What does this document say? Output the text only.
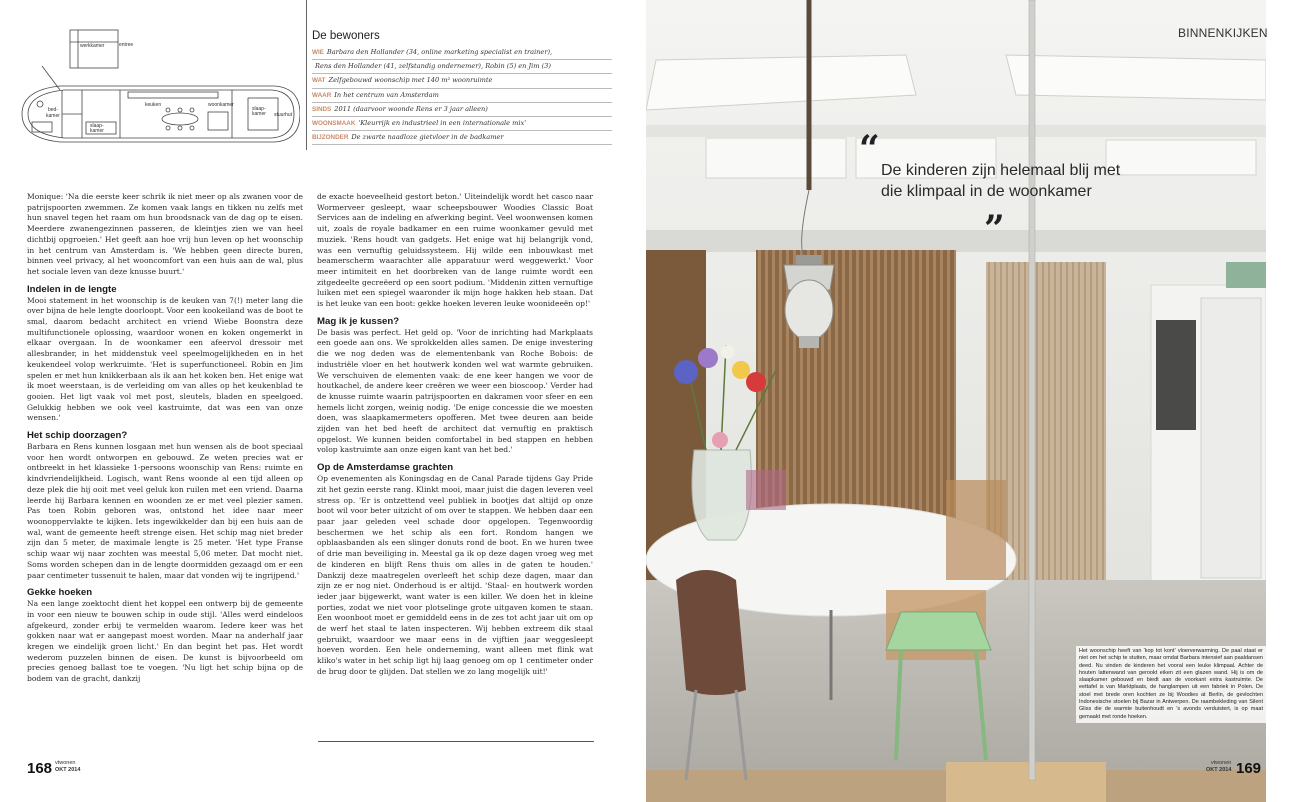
werkkamer	entree
bed-
kamer
keuken	woonkamer
slaap-
kamer
slaap-
kamer stuurhut
De bewoners
WIE Barbara den Hollander (34, online marketing specialist en trainer),
Rens den Hollander (41, zelfstandig ondernemer), Robin (5) en Jim (3)
WAT Zelfgebouwd woonschip met 140 m² woonruimte
WAAR In het centrum van Amsterdam
SINDS 2011 (daarvoor woonde Rens er 3 jaar alleen)
WOONSMAAK 'Kleurrijk en industrieel in een internationale mix'
BIJZONDER De zwarte naadloze gietvloer in de badkamer

Monique: 'Na die eerste keer schrik ik niet meer op als zwanen voor de patrijspoorten zwemmen. Ze komen vaak langs en tikken nu zelfs met hun snavel tegen het raam om hun broodsnack van de dag op te eisen. Meerdere zwanengezinnen passeren, de kleintjes zien we van heel dichtbij opgroeien.' Het geeft aan hoe vrij hun leven op het woonschip in het centrum van Amsterdam is. 'We hebben geen directe buren, binnen veel privacy, al het wooncomfort van een huis aan de wal, plus het sociale leven van deze knusse buurt.'

Indelen in de lengte

Mooi statement in het woonschip is de keuken van 7(!) meter lang die over bijna de hele lengte doorloopt. Voor een kookeiland was de boot te smal, daarom bedacht architect en vriend Wiebe Boonstra deze multifunctionele oplossing, waardoor wonen en koken ongemerkt in elkaar overgaan. In de woonkamer een afeervol dressoir met allesbrander, in het middenstuk veel speelmogelijkheden en in het keukendeel volop werkruimte. 'Het is superfunctioneel. Robin en Jim spelen er met hun knikkerbaan als ik aan het koken ben. Het enige wat ik moet weerstaan, is de verleiding om van alles op het keukenblad te gooien. Het ligt vaak vol met post, sleutels, bladen en speelgoed. Gelukkig hebben we ook veel kastruimte, dat was een van onze wensen.'

Het schip doorzagen?

Barbara en Rens kunnen losgaan met hun wensen als de boot speciaal voor hen wordt ontworpen en gebouwd. Ze weten precies wat er ontbreekt in het klassieke 1-persoons woonschip van Rens: ruimte en kindvriendelijkheid. Logisch, want Rens woonde al een tijd alleen op deze plek die hij ooit met veel geluk kon ruilen met een vriend. Daarna leerde hij Barbara kennen en woonden ze er met veel plezier samen. Pas toen Robin geboren was, ontstond het idee naar meer woonoppervlakte te kijken. Iets ingewikkelder dan bij een huis aan de wal, want de gemeente heeft strenge eisen. Het schip mag niet breder zijn dan 5 meter, de maximale lengte is 25 meter. 'Het type Franse schip waar wij naar zochten was meestal 5,06 meter. Dat mocht niet. Soms worden schepen dan in de lengte doormidden gezaagd om er een paar centimeter tussenuit te halen, maar dat vonden wij te ingrijpend.'

Gekke hoeken

Na een lange zoektocht dient het koppel een ontwerp bij de gemeente in voor een nieuw te bouwen schip in oude stijl. 'Alles werd eindeloos afgekeurd, zonder erbij te vermelden waarom. Iedere keer was het gokken naar wat er aangepast moest worden. Maar na anderhalf jaar kregen we eindelijk groen licht.' En dan begint het pas. Het wordt wederom puzzelen binnen de eisen. De kunst is bijvoorbeeld om precies genoeg ballast toe te voegen. 'Nu ligt het schip bijna op de bodem van de gracht, dankzij

de exacte hoeveelheid gestort beton.' Uiteindelijk wordt het casco naar Wormerveer gesleept, waar scheepsbouwer Woodies Classic Boat Services aan de indeling en afwerking begint. Veel woonwensen komen uit, zoals de royale badkamer en een ruime woonkamer gevuld met muziek. 'Rens houdt van gadgets. Het enige wat hij belangrijk vond, was een vernuftig geluidssysteem. Hij wilde een inbouwkast met beamerscherm waarachter alle apparatuur werd weggewerkt.' Voor meer intimiteit en het doorbreken van de lange ruimte wordt een zitgedeelte gecreëerd op een soort podium. 'Middenin zitten vernuftige luiken met een spiegel waaronder ik mijn hoge hakken heb staan. Dat is het leuke van een boot: gekke hoeken leveren leuke woonideeën op!'

Mag ik je kussen?

De basis was perfect. Het geld op. 'Voor de inrichting had Markplaats een goede aan ons. We sprokkelden alles samen. De enige investering die we nog deden was de elementenbank van Roche Bobois: de industriële vloer en het houtwerk konden wel wat warmte gebruiken. We verschuiven de elementen vaak: de ene keer hangen we voor de houtkachel, de andere keer creëren we weer een bioscoop.' Verder had de knusse ruimte waarin patrijspoorten en dakramen voor sfeer en een hemels licht zorgen, weinig nodig. 'De enige concessie die we moesten doen, was slaapkamermeters opofferen. Met twee deuren aan beide zijden van het bed heeft de architect dat vernuftig en praktisch opgelost. We kunnen beiden comfortabel in bed stappen en hebben volop kastruimte aan onze eigen kant van het bed.'

Op de Amsterdamse grachten

Op evenementen als Koningsdag en de Canal Parade tijdens Gay Pride zit het gezin eerste rang. Klinkt mooi, maar juist die dagen leveren veel stress op. 'Er is ontzettend veel publiek in bootjes dat altijd op onze boot wil voor beter uitzicht of om over te stappen. We hebben daar een paar jaar geleden veel schade door opgelopen. Tegenwoordig beschermen we het schip als een fort. Rondom hangen we opblaasbanden als een slinger donuts rond de boot. En we huren twee of drie man beveiliging in. Meestal ga ik op deze dagen vroeg weg met de kinderen en blijft Rens thuis om alles in de gaten te houden.' Dankzij deze maatregelen overleeft het schip deze dagen, maar dan zijn ze er nog niet. Onderhoud is er altijd. 'Staal- en houtwerk worden ieder jaar bijgewerkt, want water is een killer. We doen het in kleine porties, zodat we niet voor plotselinge grote uitgaven komen te staan. Een woonboot moet er gemiddeld eens in de zes tot acht jaar uit om op de werf het staal te laten inspecteren. Wij hebben extreem dik staal gebruikt, waardoor we maar eens in de vijftien jaar weggesleept hoeven worden. Een hele onderneming, want alleen met flink wat kliko's water in het schip ligt hij laag genoeg om op 1 centimeter onder de brug door te glijden. Dat stellen we zo lang mogelijk uit!'

168 vtwonen
OKT 2014
BINNENKIJKEN
“
De kinderen zijn helemaal blij met die klimpaal in de woonkamer
”
Het woonschip heeft van 'kop tot kont' vloerverwarming. De paal staat er niet om het schip te stutten, maar omdat Barbara intensief aan paaldansen deed. Nu vinden de kinderen het vooral een leuke klimpaal. Achter de houten lattenwand van gerookt eiken zit een glazen wand. Hij is om de slaapkamer gebouwd en biedt aan de voorkant extra kastruimte. De eettafel is van Marktplaats, de hanglampen uit een fabriek in Polen. De stoel met brede oren kochten ze bij Woodies at Berlin, de gevlochten Indonesische stoelen bij Bazar in Antwerpen. De raambekleding van Silent Gliss die de warmte buitenhoudt en 's avonds verduistert, is op maat gemaakt met ronde hoeken.
vtwonen
OKT 2014 169
